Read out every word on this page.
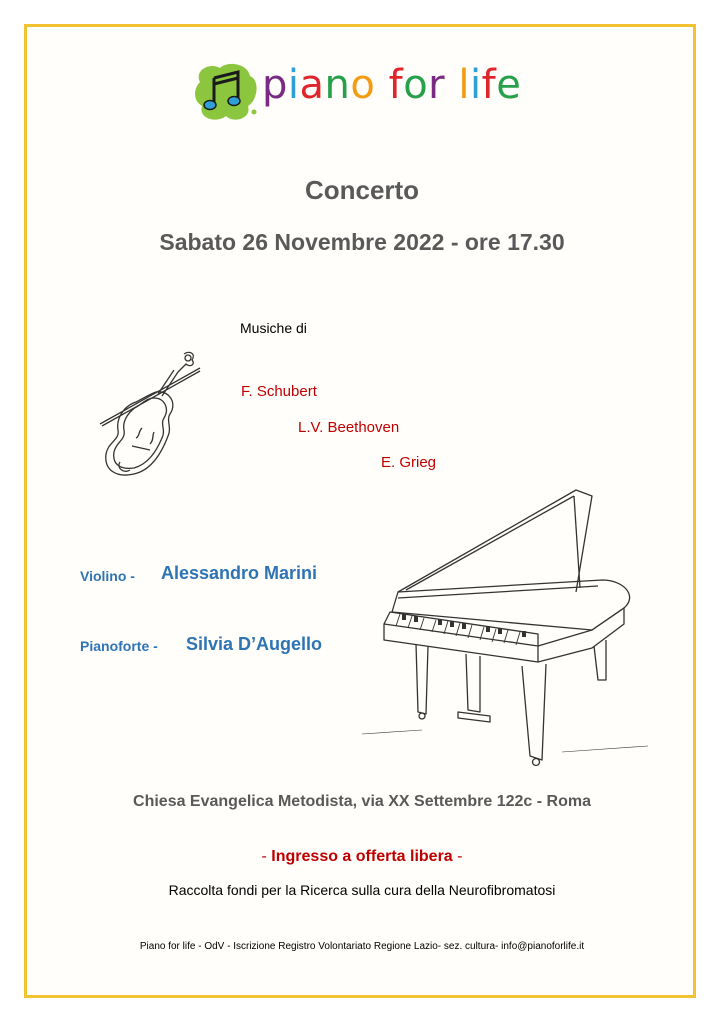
piano for life
Concerto
Sabato 26 Novembre 2022 - ore 17.30
Musiche di
F. Schubert
L.V. Beethoven
E. Grieg
Violino - Alessandro Marini
Pianoforte - Silvia D’Augello
Chiesa Evangelica Metodista, via XX Settembre 122c - Roma
- Ingresso a offerta libera -
Raccolta fondi per la Ricerca sulla cura della Neurofibromatosi
Piano for life - OdV - Iscrizione Registro Volontariato Regione Lazio- sez. cultura- info@pianoforlife.it
